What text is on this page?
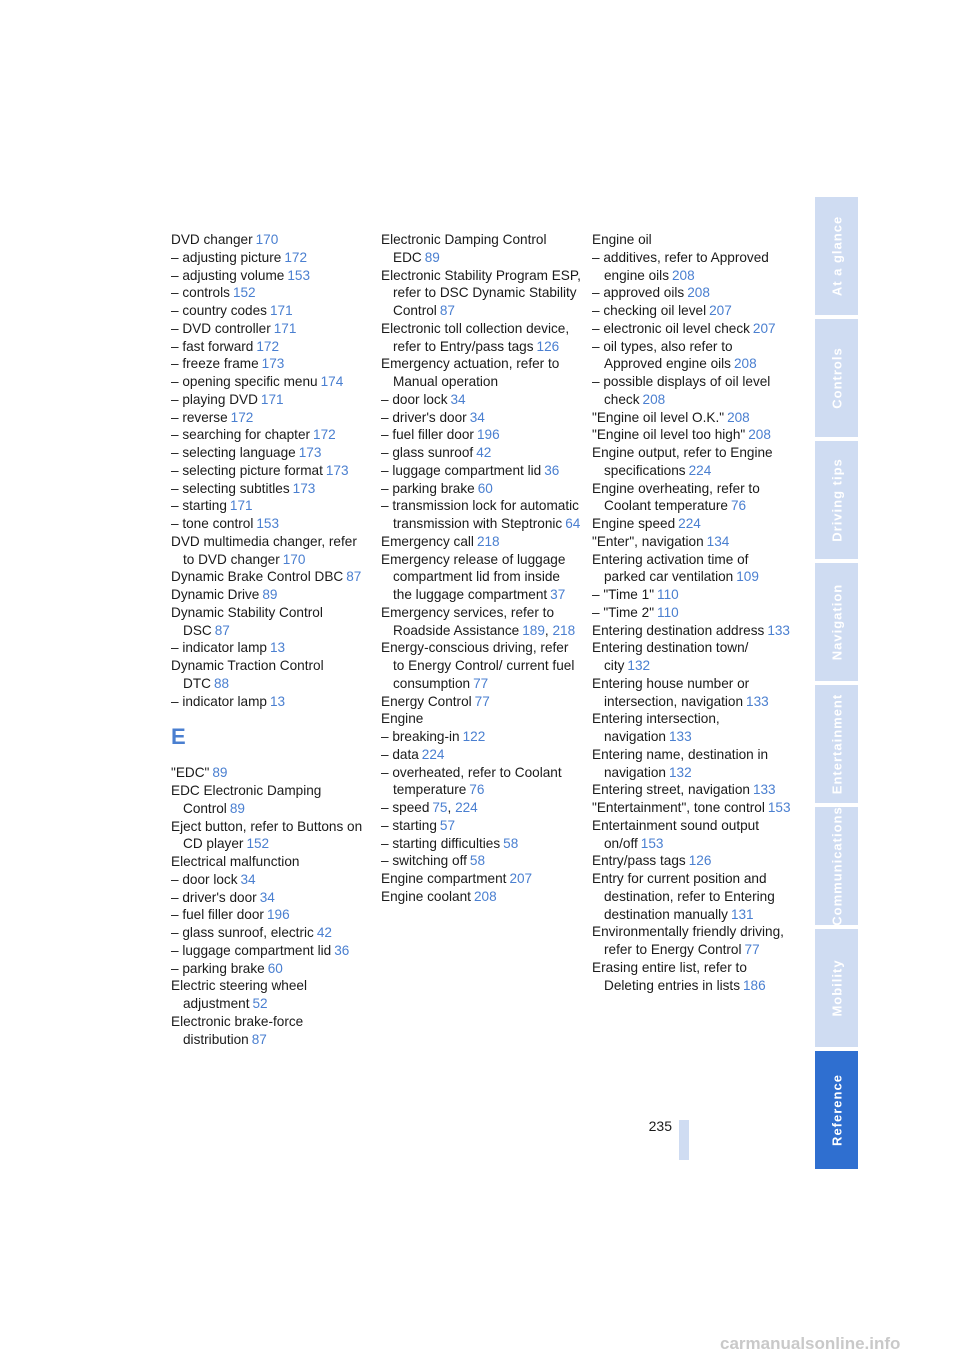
DVD changer 170
– adjusting picture 172
– adjusting volume 153
– controls 152
– country codes 171
– DVD controller 171
– fast forward 172
– freeze frame 173
– opening specific menu 174
– playing DVD 171
– reverse 172
– searching for chapter 172
– selecting language 173
– selecting picture format 173
– selecting subtitles 173
– starting 171
– tone control 153
DVD multimedia changer, refer to DVD changer 170
Dynamic Brake Control DBC 87
Dynamic Drive 89
Dynamic Stability Control DSC 87
– indicator lamp 13
Dynamic Traction Control DTC 88
– indicator lamp 13
E
"EDC" 89
EDC Electronic Damping Control 89
Eject button, refer to Buttons on CD player 152
Electrical malfunction
– door lock 34
– driver's door 34
– fuel filler door 196
– glass sunroof, electric 42
– luggage compartment lid 36
– parking brake 60
Electric steering wheel adjustment 52
Electronic brake-force distribution 87
Electronic Damping Control EDC 89
Electronic Stability Program ESP, refer to DSC Dynamic Stability Control 87
Electronic toll collection device, refer to Entry/pass tags 126
Emergency actuation, refer to Manual operation
– door lock 34
– driver's door 34
– fuel filler door 196
– glass sunroof 42
– luggage compartment lid 36
– parking brake 60
– transmission lock for automatic transmission with Steptronic 64
Emergency call 218
Emergency release of luggage compartment lid from inside the luggage compartment 37
Emergency services, refer to Roadside Assistance 189, 218
Energy-conscious driving, refer to Energy Control/ current fuel consumption 77
Energy Control 77
Engine
– breaking-in 122
– data 224
– overheated, refer to Coolant temperature 76
– speed 75, 224
– starting 57
– starting difficulties 58
– switching off 58
Engine compartment 207
Engine coolant 208
Engine oil
– additives, refer to Approved engine oils 208
– approved oils 208
– checking oil level 207
– electronic oil level check 207
– oil types, also refer to Approved engine oils 208
– possible displays of oil level check 208
"Engine oil level O.K." 208
"Engine oil level too high" 208
Engine output, refer to Engine specifications 224
Engine overheating, refer to Coolant temperature 76
Engine speed 224
"Enter", navigation 134
Entering activation time of parked car ventilation 109
– "Time 1" 110
– "Time 2" 110
Entering destination address 133
Entering destination town/ city 132
Entering house number or intersection, navigation 133
Entering intersection, navigation 133
Entering name, destination in navigation 132
Entering street, navigation 133
"Entertainment", tone control 153
Entertainment sound output on/off 153
Entry/pass tags 126
Entry for current position and destination, refer to Entering destination manually 131
Environmentally friendly driving, refer to Energy Control 77
Erasing entire list, refer to Deleting entries in lists 186
At a glance
Controls
Driving tips
Navigation
Entertainment
Communications
Mobility
Reference
235
carmanualsonline.info
